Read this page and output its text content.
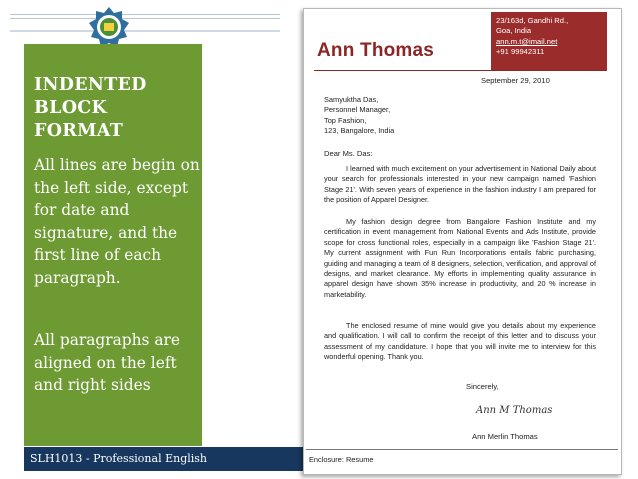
INDENTED
BLOCK
FORMAT
All lines are begin on the left side, except for date and signature, and the first line of each paragraph.
All paragraphs are aligned on the left and right sides
SLH1013 - Professional English
Ann Thomas
23/163d, Gandhi Rd.,
Goa, India
ann.m.t@imail.net
+91 99942311
September 29, 2010
Samyuktha Das,
Personnel Manager,
Top Fashion,
123, Bangalore, India
Dear Ms. Das:
I learned with much excitement on your advertisement in National Daily about your search for professionals interested in your new campaign named 'Fashion Stage 21'. With seven years of experience in the fashion industry I am prepared for the position of Apparel Designer.
My fashion design degree from Bangalore Fashion Institute and my certification in event management from National Events and Ads Institute, provide scope for cross functional roles, especially in a campaign like 'Fashion Stage 21'. My current assignment with Fun Run Incorporations entails fabric purchasing, guiding and managing a team of 8 designers, selection, verification, and approval of designs, and market clearance. My efforts in implementing quality assurance in apparel design have shown 35% increase in productivity, and 20 % increase in marketability.
The enclosed resume of mine would give you details about my experience and qualification. I will call to confirm the receipt of this letter and to discuss your assessment of my candidature. I hope that you will invite me to interview for this wonderful opening. Thank you.
Sincerely,
Ann M Thomas
Ann Merlin Thomas
Enclosure: Resume
